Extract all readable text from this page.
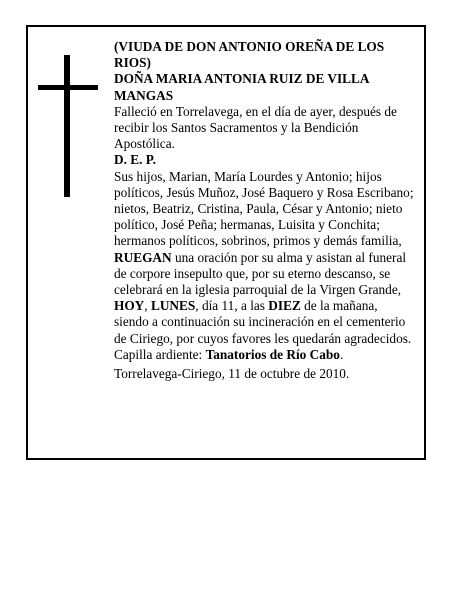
(VIUDA DE DON ANTONIO OREÑA DE LOS RIOS)

DOÑA MARIA ANTONIA RUIZ DE VILLA MANGAS

Falleció en Torrelavega, en el día de ayer, después de recibir los Santos Sacramentos y la Bendición Apostólica.

D. E. P.

Sus hijos, Marian, María Lourdes y Antonio; hijos políticos, Jesús Muñoz, José Baquero y Rosa Escribano; nietos, Beatriz, Cristina, Paula, César y Antonio; nieto político, José Peña; hermanas, Luisita y Conchita; hermanos políticos, sobrinos, primos y demás familia,

RUEGAN una oración por su alma y asistan al funeral de corpore insepulto que, por su eterno descanso, se celebrará en la iglesia parroquial de la Virgen Grande, HOY, LUNES, día 11, a las DIEZ de la mañana, siendo a continuación su incineración en el cementerio de Ciriego, por cuyos favores les quedarán agradecidos.

Capilla ardiente: Tanatorios de Río Cabo.

Torrelavega-Ciriego, 11 de octubre de 2010.
